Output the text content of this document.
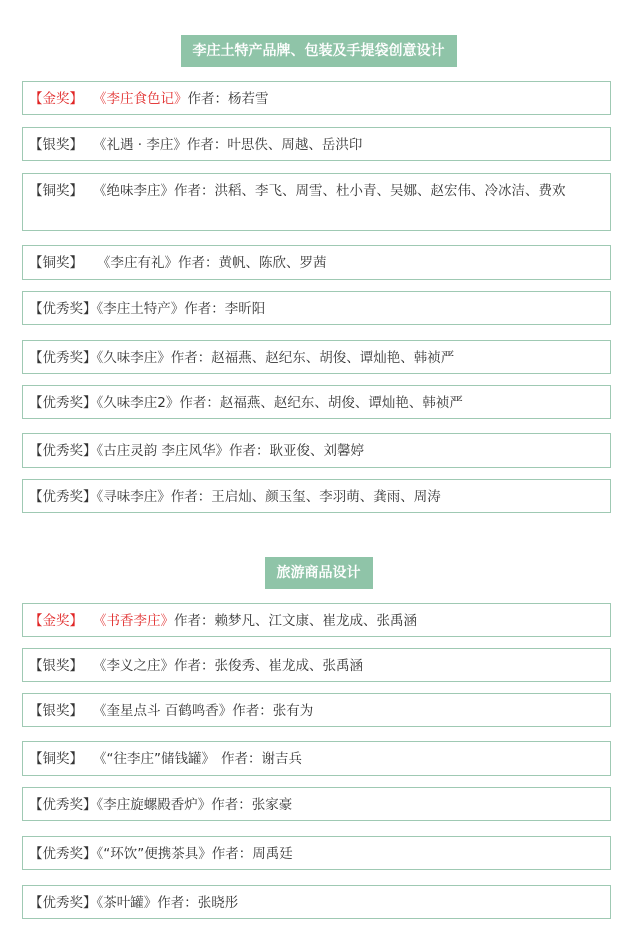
李庄土特产品牌、包装及手提袋创意设计
【金奖】 《李庄食色记》作者：杨若雪
【银奖】 《礼遇 · 李庄》作者：叶思佚、周越、岳洪印
【铜奖】 《绝味李庄》作者：洪稻、李飞、周雪、杜小青、吴娜、赵宏伟、冷冰洁、费欢
【铜奖】 《李庄有礼》作者：黄帆、陈欣、罗茜
【优秀奖】《李庄土特产》作者：李昕阳
【优秀奖】《久味李庄》作者：赵福燕、赵纪东、胡俊、谭灿艳、韩祯严
【优秀奖】《久味李庄2》作者：赵福燕、赵纪东、胡俊、谭灿艳、韩祯严
【优秀奖】《古庄灵韵 李庄风华》作者：耿亚俊、刘馨婷
【优秀奖】《寻味李庄》作者：王启灿、颜玉玺、李羽萌、龚雨、周涛
旅游商品设计
【金奖】 《书香李庄》作者：赖梦凡、江文康、崔龙成、张禹涵
【银奖】 《李义之庄》作者：张俊秀、崔龙成、张禹涵
【银奖】 《奎星点斗 百鹤鸣香》作者：张有为
【铜奖】 《“往李庄”储钱罐》 作者：谢吉兵
【优秀奖】《李庄旋螺殿香炉》作者：张家豪
【优秀奖】《“环饮”便携茶具》作者：周禹廷
【优秀奖】《茶叶罐》作者：张晓彤
